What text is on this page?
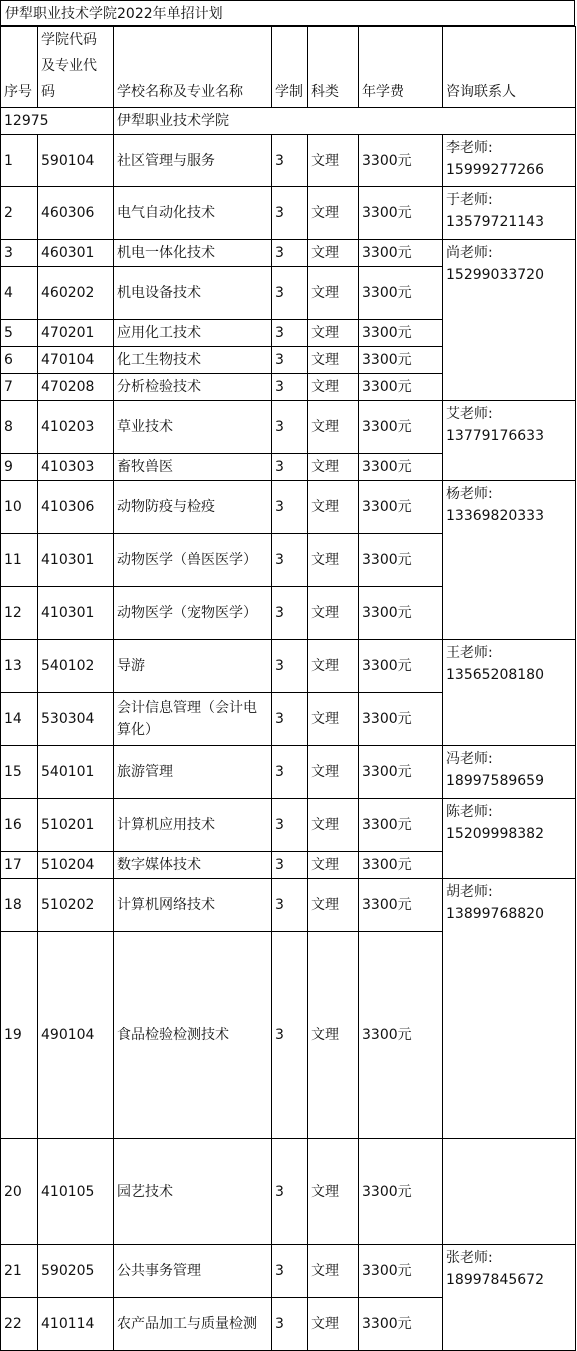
伊犁职业技术学院2022年单招计划
序号	学院代码及专业代码	学校名称及专业名称	学制	科类	年学费	咨询联系人	
12975		伊犁职业技术学院					
1	590104	社区管理与服务	3	文理	3300元	李老师:
15999277266	

2	460306	电气自动化技术	3	文理	3300元	于老师:
13579721143	

3	460301	机电一体化技术	3	文理	3300元	尚老师:
15299033720	

4	460202	机电设备技术	3	文理	3300元		
5	470201	应用化工技术	3	文理	3300元		
6	470104	化工生物技术	3	文理	3300元		
7	470208	分析检验技术	3	文理	3300元		
8	410203	草业技术	3	文理	3300元	艾老师:
13779176633	

9	410303	畜牧兽医	3	文理	3300元		
10	410306	动物防疫与检疫	3	文理	3300元	杨老师:
13369820333	

11	410301	动物医学（兽医医学）	3	文理	3300元		
12	410301	动物医学（宠物医学）	3	文理	3300元		
13	540102	导游	3	文理	3300元	王老师:
13565208180	

14	530304	会计信息管理（会计电算化）	3	文理	3300元		
15	540101	旅游管理	3	文理	3300元	冯老师:
18997589659	

16	510201	计算机应用技术	3	文理	3300元	陈老师:
15209998382	

17	510204	数字媒体技术	3	文理	3300元		
18	510202	计算机网络技术	3	文理	3300元	胡老师:
13899768820	

19	490104	食品检验检测技术	3	文理	3300元	

20	410105	园艺技术	3	文理	3300元		
21	590205	公共事务管理	3	文理	3300元	张老师:
18997845672	

22	410114	农产品加工与质量检测	3	文理	3300元		
